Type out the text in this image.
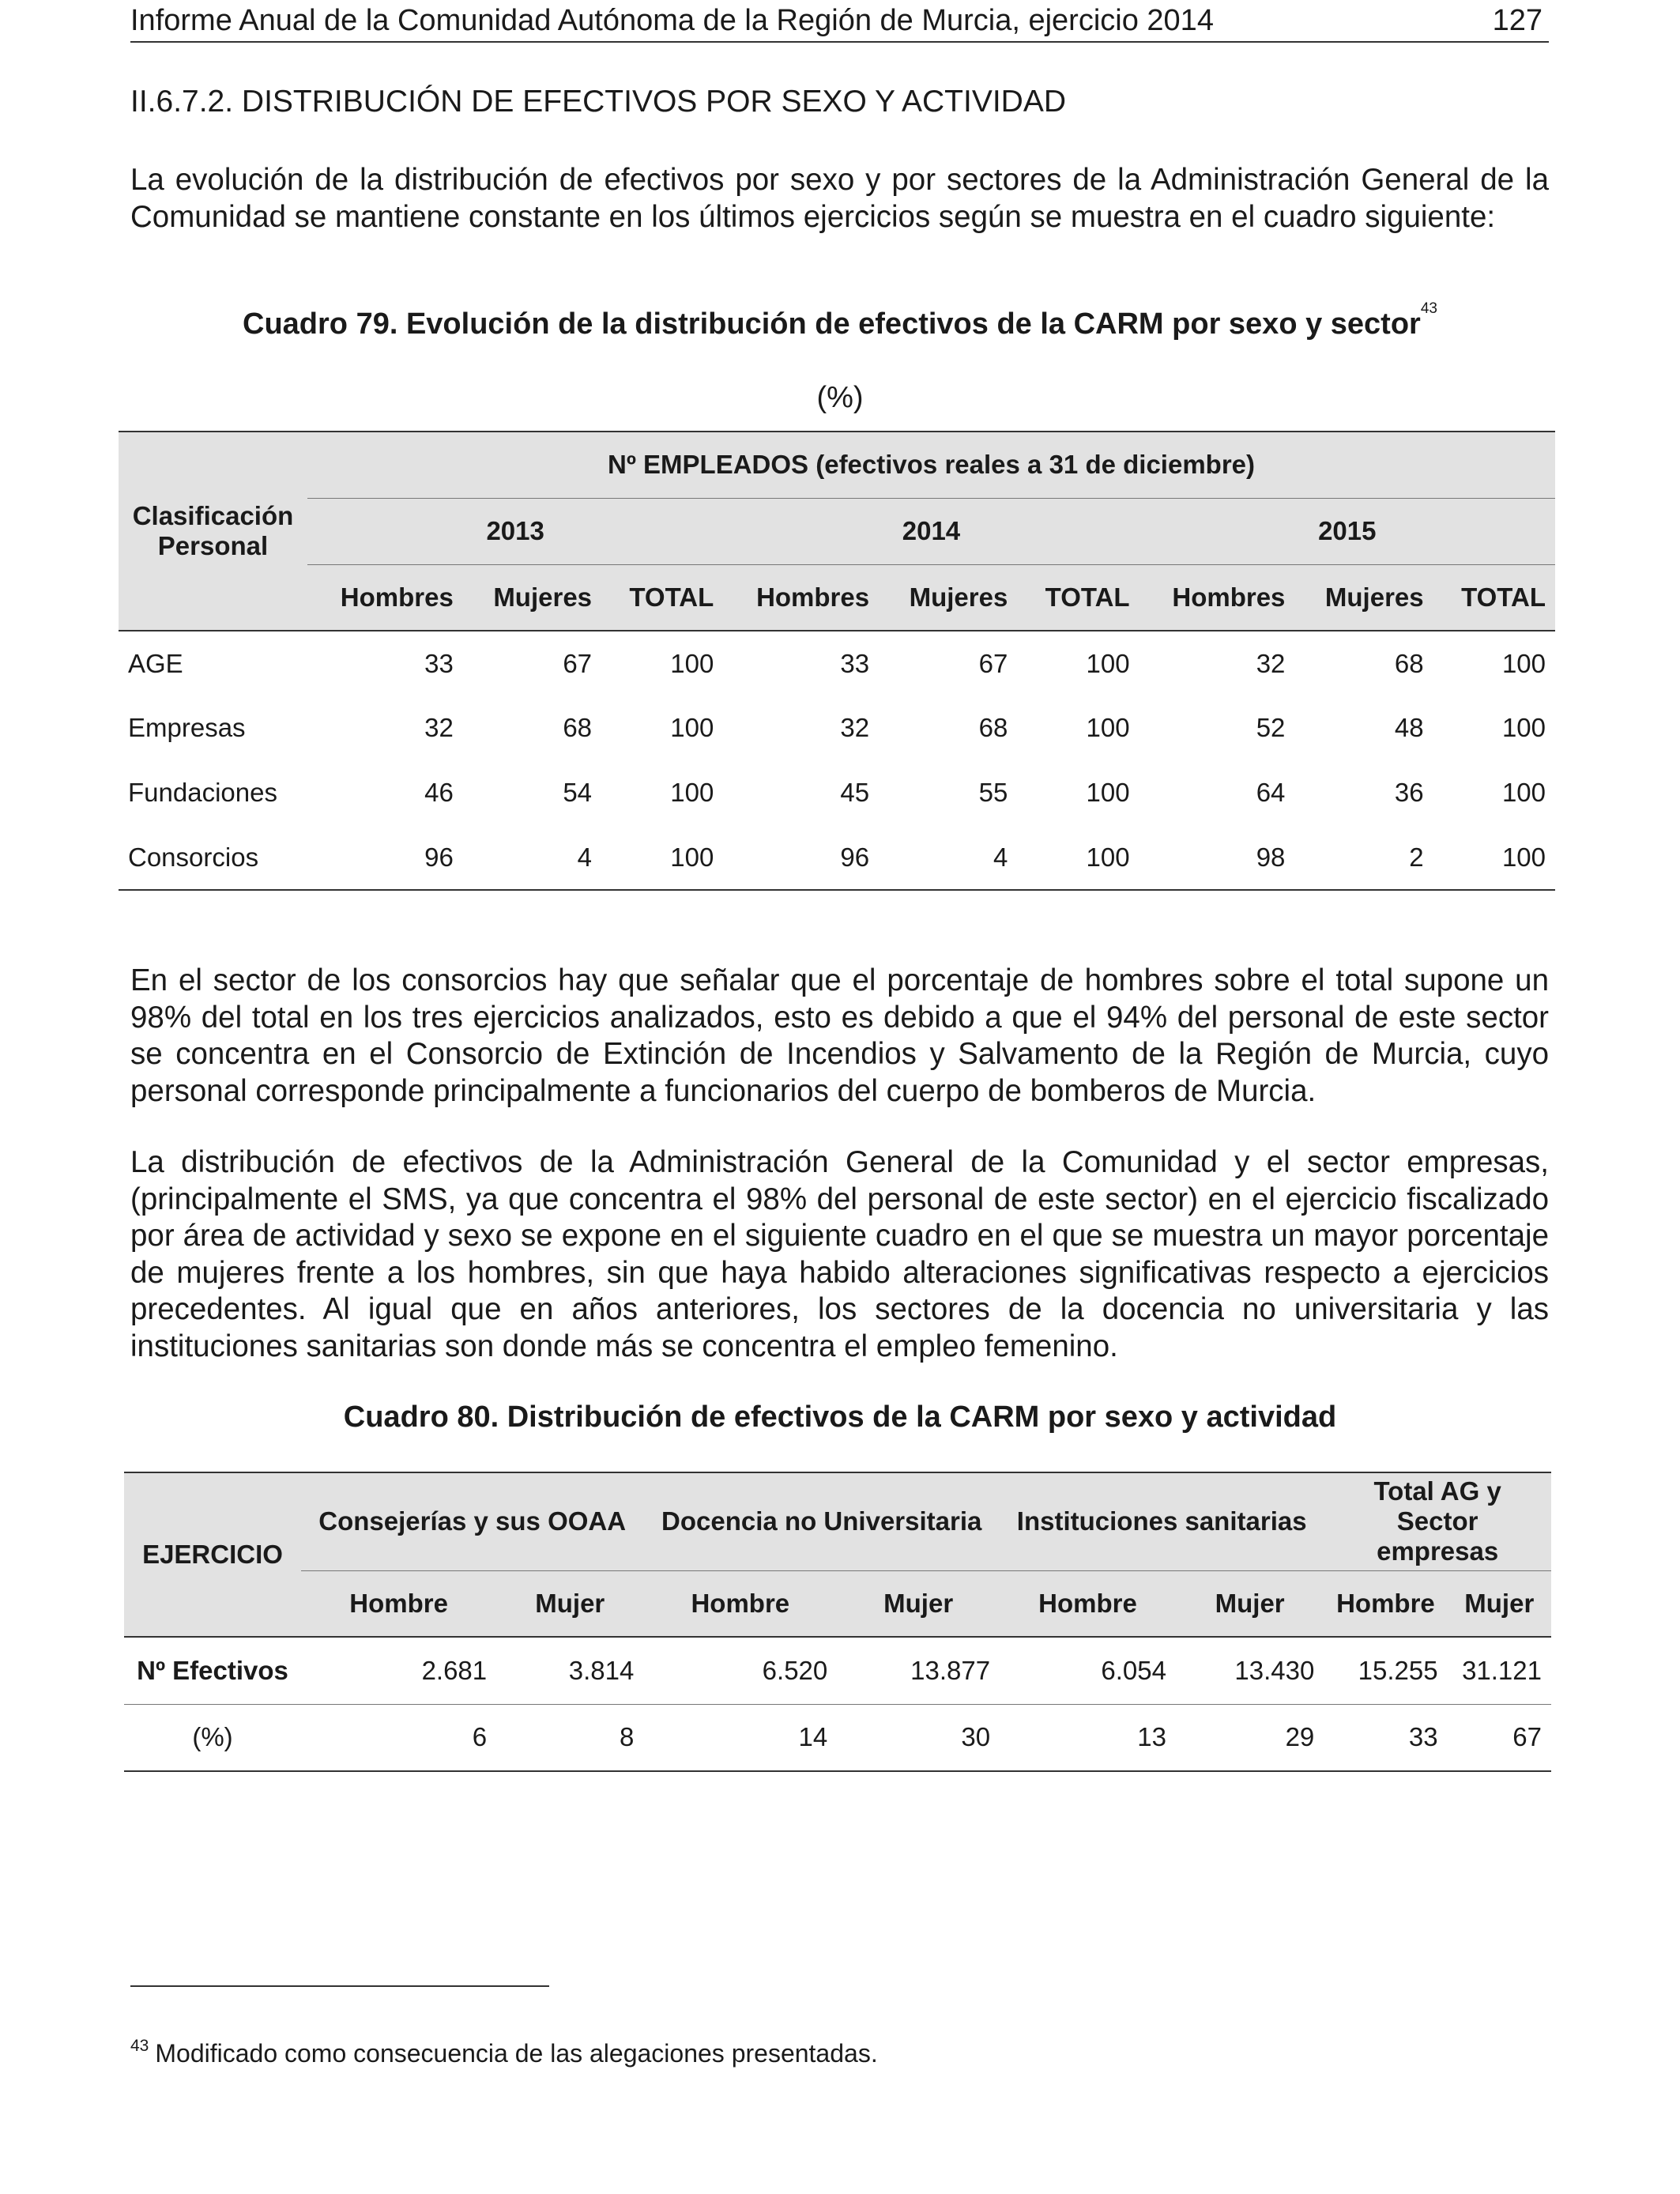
Informe Anual de la Comunidad Autónoma de la Región de Murcia, ejercicio 2014	127
II.6.7.2. DISTRIBUCIÓN DE EFECTIVOS POR SEXO Y ACTIVIDAD
La evolución de la distribución de efectivos por sexo y por sectores de la Administración General de la Comunidad se mantiene constante en los últimos ejercicios según se muestra en el cuadro siguiente:
Cuadro 79. Evolución de la distribución de efectivos de la CARM por sexo y sector$^{43}$
(%)
Clasificación
Personal	Nº EMPLEADOS (efectivos reales a 31 de diciembre)								
	2013			2014			2015		
	Hombres	Mujeres	TOTAL	Hombres	Mujeres	TOTAL	Hombres	Mujeres	TOTAL
AGE	33	67	100	33	67	100	32	68	100
Empresas	32	68	100	32	68	100	52	48	100
Fundaciones	46	54	100	45	55	100	64	36	100
Consorcios	96	4	100	96	4	100	98	2	100
En el sector de los consorcios hay que señalar que el porcentaje de hombres sobre el total supone un 98% del total en los tres ejercicios analizados, esto es debido a que el 94% del personal de este sector se concentra en el Consorcio de Extinción de Incendios y Salvamento de la Región de Murcia, cuyo personal corresponde principalmente a funcionarios del cuerpo de bomberos de Murcia.
La distribución de efectivos de la Administración General de la Comunidad y el sector empresas, (principalmente el SMS, ya que concentra el 98% del personal de este sector) en el ejercicio fiscalizado por área de actividad y sexo se expone en el siguiente cuadro en el que se muestra un mayor porcentaje de mujeres frente a los hombres, sin que haya habido alteraciones significativas respecto a ejercicios precedentes. Al igual que en años anteriores, los sectores de la docencia no universitaria y las instituciones sanitarias son donde más se concentra el empleo femenino.
Cuadro 80. Distribución de efectivos de la CARM por sexo y actividad
EJERCICIO	Consejerías y sus OOAA		Docencia no Universitaria		Instituciones sanitarias		Total AG y Sector empresas	
	Hombre	Mujer	Hombre	Mujer	Hombre	Mujer	Hombre	Mujer
Nº Efectivos	2.681	3.814	6.520	13.877	6.054	13.430	15.255	31.121
(%)	6	8	14	30	13	29	33	67
$^{43}$ Modificado como consecuencia de las alegaciones presentadas.
